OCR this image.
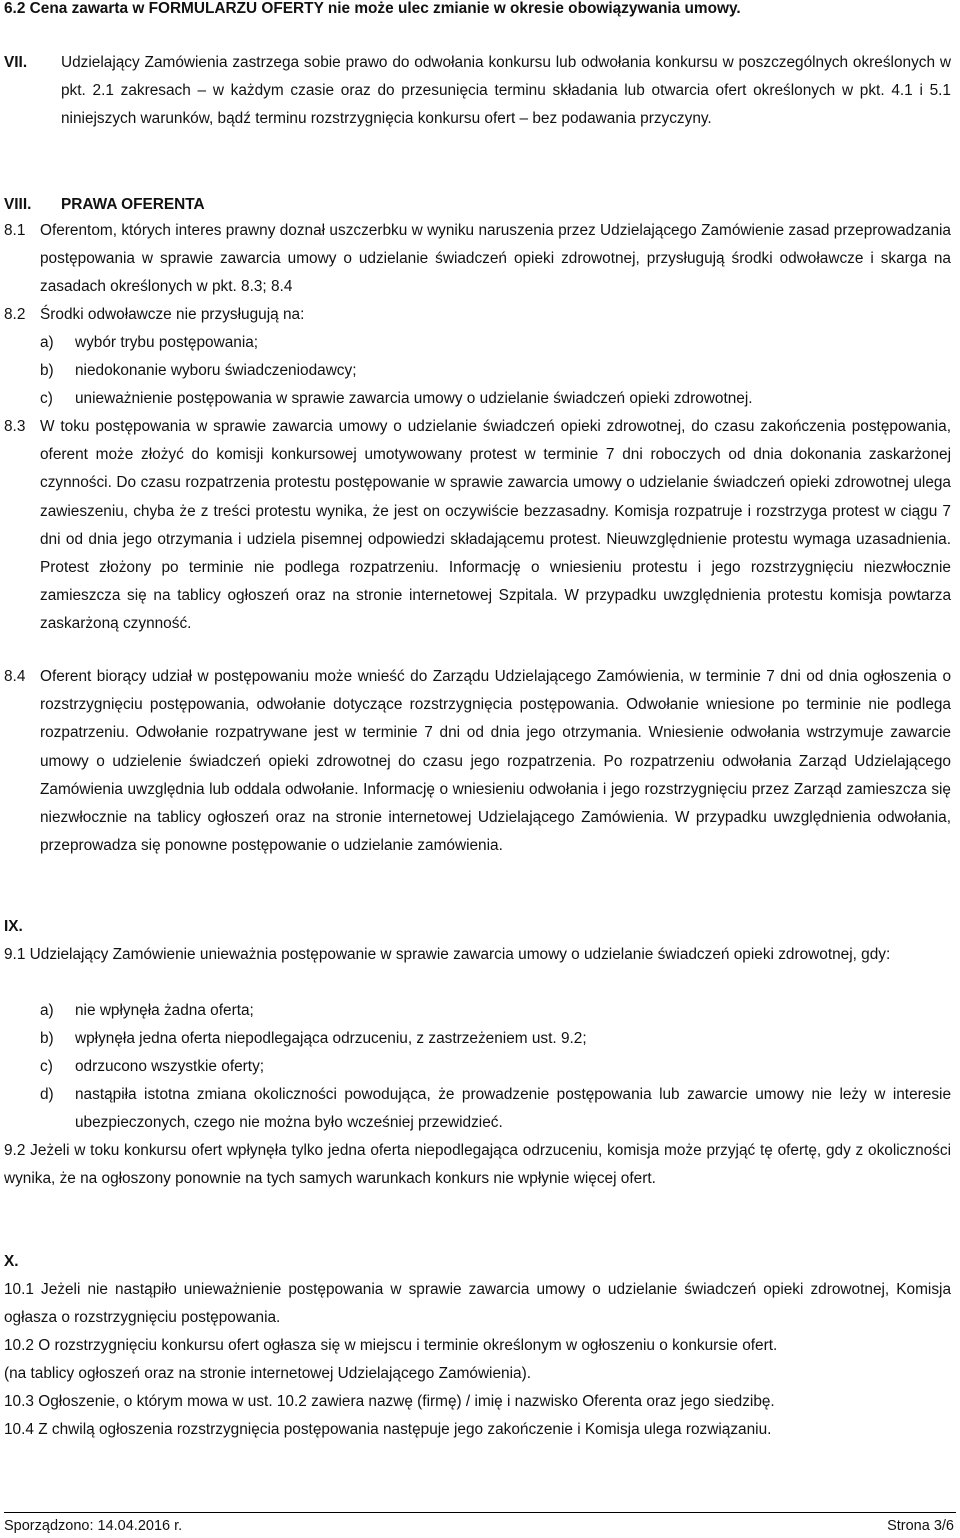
6.2 Cena zawarta w FORMULARZU OFERTY nie może ulec zmianie w okresie obowiązywania umowy.
VII. Udzielający Zamówienia zastrzega sobie prawo do odwołania konkursu lub odwołania konkursu w poszczególnych określonych w pkt. 2.1 zakresach – w każdym czasie oraz do przesunięcia terminu składania lub otwarcia ofert określonych w pkt. 4.1 i 5.1 niniejszych warunków, bądź terminu rozstrzygnięcia konkursu ofert – bez podawania przyczyny.
VIII. PRAWA OFERENTA
8.1 Oferentom, których interes prawny doznał uszczerbku w wyniku naruszenia przez Udzielającego Zamówienie zasad przeprowadzania postępowania w sprawie zawarcia umowy o udzielanie świadczeń opieki zdrowotnej, przysługują środki odwoławcze i skarga na zasadach określonych w pkt. 8.3; 8.4
8.2 Środki odwoławcze nie przysługują na:
a) wybór trybu postępowania;
b) niedokonanie wyboru świadczeniodawcy;
c) unieważnienie postępowania w sprawie zawarcia umowy o udzielanie świadczeń opieki zdrowotnej.
8.3 W toku postępowania w sprawie zawarcia umowy o udzielanie świadczeń opieki zdrowotnej, do czasu zakończenia postępowania, oferent może złożyć do komisji konkursowej umotywowany protest w terminie 7 dni roboczych od dnia dokonania zaskarżonej czynności. Do czasu rozpatrzenia protestu postępowanie w sprawie zawarcia umowy o udzielanie świadczeń opieki zdrowotnej ulega zawieszeniu, chyba że z treści protestu wynika, że jest on oczywiście bezzasadny. Komisja rozpatruje i rozstrzyga protest w ciągu 7 dni od dnia jego otrzymania i udziela pisemnej odpowiedzi składającemu protest. Nieuwzględnienie protestu wymaga uzasadnienia. Protest złożony po terminie nie podlega rozpatrzeniu. Informację o wniesieniu protestu i jego rozstrzygnięciu niezwłocznie zamieszcza się na tablicy ogłoszeń oraz na stronie internetowej Szpitala. W przypadku uwzględnienia protestu komisja powtarza zaskarżoną czynność.
8.4 Oferent biorący udział w postępowaniu może wnieść do Zarządu Udzielającego Zamówienia, w terminie 7 dni od dnia ogłoszenia o rozstrzygnięciu postępowania, odwołanie dotyczące rozstrzygnięcia postępowania. Odwołanie wniesione po terminie nie podlega rozpatrzeniu. Odwołanie rozpatrywane jest w terminie 7 dni od dnia jego otrzymania. Wniesienie odwołania wstrzymuje zawarcie umowy o udzielenie świadczeń opieki zdrowotnej do czasu jego rozpatrzenia. Po rozpatrzeniu odwołania Zarząd Udzielającego Zamówienia uwzględnia lub oddala odwołanie. Informację o wniesieniu odwołania i jego rozstrzygnięciu przez Zarząd zamieszcza się niezwłocznie na tablicy ogłoszeń oraz na stronie internetowej Udzielającego Zamówienia. W przypadku uwzględnienia odwołania, przeprowadza się ponowne postępowanie o udzielanie zamówienia.
IX.
9.1 Udzielający Zamówienie unieważnia postępowanie w sprawie zawarcia umowy o udzielanie świadczeń opieki zdrowotnej, gdy:
a) nie wpłynęła żadna oferta;
b) wpłynęła jedna oferta niepodlegająca odrzuceniu, z zastrzeżeniem ust. 9.2;
c) odrzucono wszystkie oferty;
d) nastąpiła istotna zmiana okoliczności powodująca, że prowadzenie postępowania lub zawarcie umowy nie leży w interesie ubezpieczonych, czego nie można było wcześniej przewidzieć.
9.2 Jeżeli w toku konkursu ofert wpłynęła tylko jedna oferta niepodlegająca odrzuceniu, komisja może przyjąć tę ofertę, gdy z okoliczności wynika, że na ogłoszony ponownie na tych samych warunkach konkurs nie wpłynie więcej ofert.
X.
10.1 Jeżeli nie nastąpiło unieważnienie postępowania w sprawie zawarcia umowy o udzielanie świadczeń opieki zdrowotnej, Komisja ogłasza o rozstrzygnięciu postępowania.
10.2 O rozstrzygnięciu konkursu ofert ogłasza się w miejscu i terminie określonym w ogłoszeniu o konkursie ofert.
(na tablicy ogłoszeń oraz na stronie internetowej Udzielającego Zamówienia).
10.3 Ogłoszenie, o którym mowa w ust. 10.2 zawiera nazwę (firmę) / imię i nazwisko Oferenta oraz jego siedzibę.
10.4 Z chwilą ogłoszenia rozstrzygnięcia postępowania następuje jego zakończenie i Komisja ulega rozwiązaniu.
Sporządzono: 14.04.2016 r.	Strona 3/6
